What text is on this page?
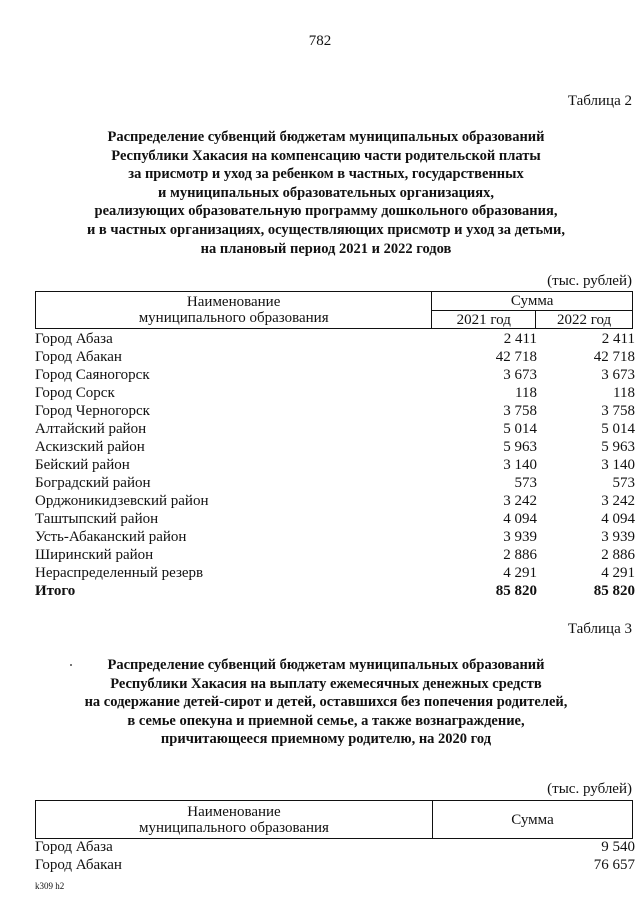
782
Таблица 2
Распределение субвенций бюджетам муниципальных образований
Республики Хакасия на компенсацию части родительской платы
за присмотр и уход за ребенком в частных, государственных
и муниципальных образовательных организациях,
реализующих образовательную программу дошкольного образования,
и в частных организациях, осуществляющих присмотр и уход за детьми,
на плановый период 2021 и 2022 годов
(тыс. рублей)
Наименование
муниципального образования	Сумма	
	2021 год	2022 год
Город Абаза	2 411	2 411
Город Абакан	42 718	42 718
Город Саяногорск	3 673	3 673
Город Сорск	118	118
Город Черногорск	3 758	3 758
Алтайский район	5 014	5 014
Аскизский район	5 963	5 963
Бейский район	3 140	3 140
Боградский район	573	573
Орджоникидзевский район	3 242	3 242
Таштыпский район	4 094	4 094
Усть-Абаканский район	3 939	3 939
Ширинский район	2 886	2 886
Нераспределенный резерв	4 291	4 291
Итого	85 820	85 820
Таблица 3
Распределение субвенций бюджетам муниципальных образований
Республики Хакасия на выплату ежемесячных денежных средств
на содержание детей-сирот и детей, оставшихся без попечения родителей,
в семье опекуна и приемной семье, а также вознаграждение,
причитающееся приемному родителю, на 2020 год
(тыс. рублей)
Наименование
муниципального образования	Сумма
Город Абаза	9 540
Город Абакан	76 657
k309 h2
